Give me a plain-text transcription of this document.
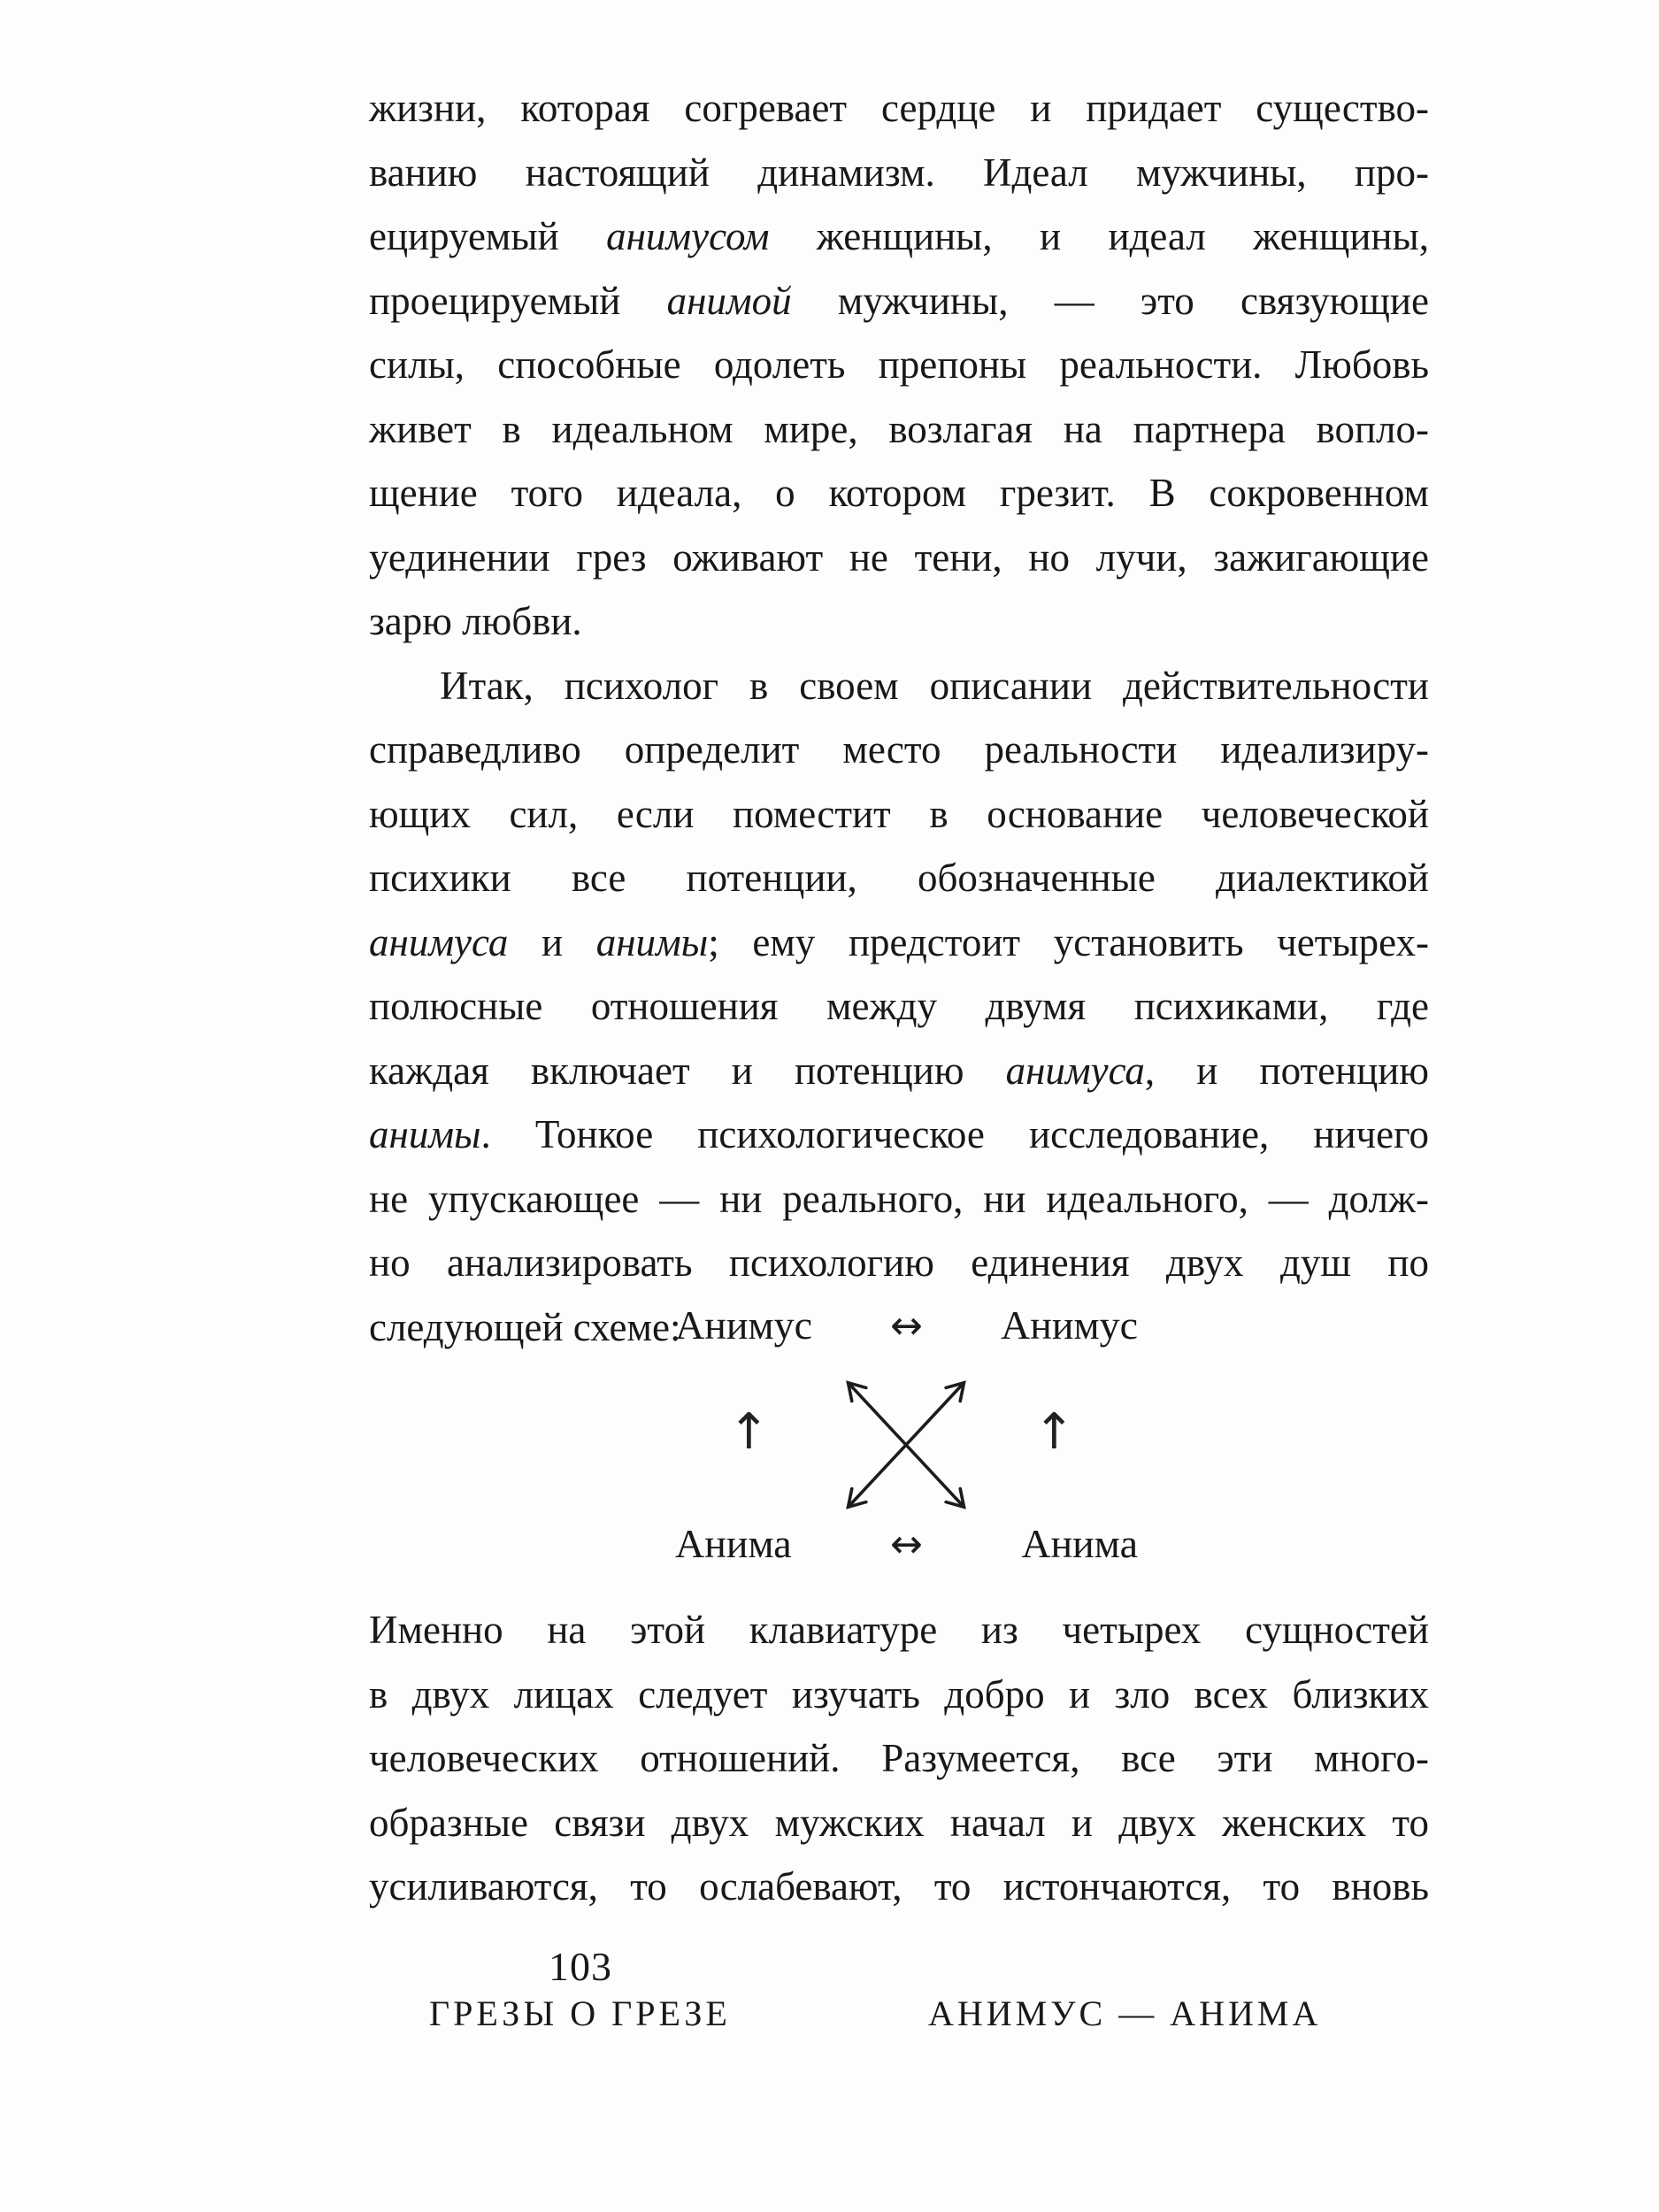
жизни, которая согревает сердце и придает существо-
ванию настоящий динамизм. Идеал мужчины, про-
ецируемый анимусом женщины, и идеал женщины,
проецируемый анимой мужчины, — это связующие
силы, способные одолеть препоны реальности. Любовь
живет в идеальном мире, возлагая на партнера вопло-
щение того идеала, о котором грезит. В сокровенном
уединении грез оживают не тени, но лучи, зажигающие
зарю любви.
Итак, психолог в своем описании действительности
справедливо определит место реальности идеализиру-
ющих сил, если поместит в основание человеческой
психики все потенции, обозначенные диалектикой
анимуса и анимы; ему предстоит установить четырех-
полюсные отношения между двумя психиками, где
каждая включает и потенцию анимуса, и потенцию
анимы. Тонкое психологическое исследование, ничего
не упускающее — ни реального, ни идеального, — долж-
но анализировать психологию единения двух душ по
следующей схеме:
Анимус ↔ Анимус
↑	↑
Анима	↔ Анима
Именно на этой клавиатуре из четырех сущностей
в двух лицах следует изучать добро и зло всех близких
человеческих отношений. Разумеется, все эти много-
образные связи двух мужских начал и двух женских то
усиливаются, то ослабевают, то истончаются, то вновь
103
ГРЕЗЫ О ГРЕЗЕ	АНИМУС — АНИМА
